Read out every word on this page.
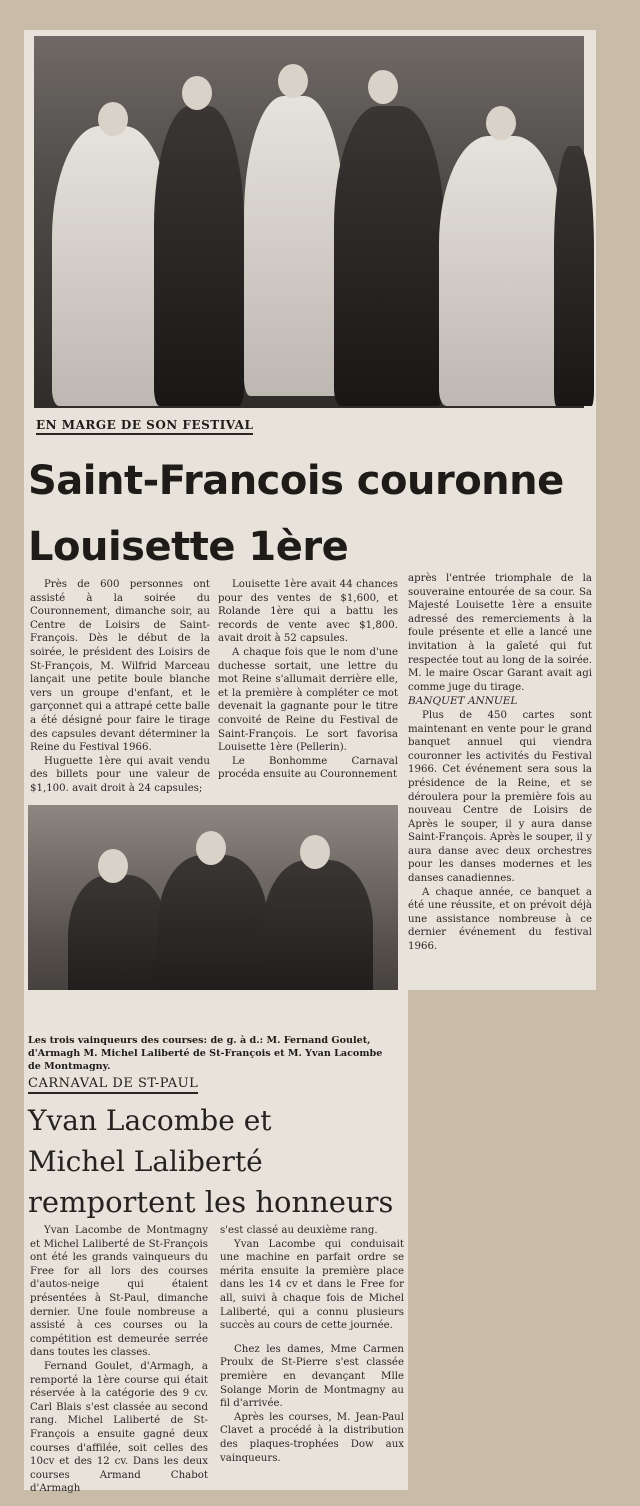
EN MARGE DE SON FESTIVAL
Saint-Francois couronne
Louisette 1ère

Près de 600 personnes ont assisté à la soirée du Couronnement, dimanche soir, au Centre de Loisirs de Saint-François. Dès le début de la soirée, le président des Loisirs de St-François, M. Wilfrid Marceau lançait une petite boule blanche vers un groupe d'enfant, et le garçonnet qui a attrapé cette balle a été désigné pour faire le tirage des capsules devant déterminer la Reine du Festival 1966.

Huguette 1ère qui avait vendu des billets pour une valeur de $1,100. avait droit à 24 capsules;

Louisette 1ère avait 44 chances pour des ventes de $1,600, et Rolande 1ère qui a battu les records de vente avec $1,800. avait droit à 52 capsules.

A chaque fois que le nom d'une duchesse sortait, une lettre du mot Reine s'allumait derrière elle, et la première à compléter ce mot devenait la gagnante pour le titre convoité de Reine du Festival de Saint-François. Le sort favorisa Louisette 1ère (Pellerin).

Le Bonhomme Carnaval procéda ensuite au Couronnement

après l'entrée triomphale de la souveraine entourée de sa cour. Sa Majesté Louisette 1ère a ensuite adressé des remerciements à la foule présente et elle a lancé une invitation à la gaîeté qui fut respectée tout au long de la soirée. M. le maire Oscar Garant avait agi comme juge du tirage.

BANQUET ANNUEL

Plus de 450 cartes sont maintenant en vente pour le grand banquet annuel qui viendra couronner les activités du Festival 1966. Cet événement sera sous la présidence de la Reine, et se déroulera pour la première fois au nouveau Centre de Loisirs de Après le souper, il y aura danse Saint-François. Après le souper, il y aura danse avec deux orchestres pour les danses modernes et les danses canadiennes.

A chaque année, ce banquet a été une réussite, et on prévoit déjà une assistance nombreuse à ce dernier événement du festival 1966.

Les trois vainqueurs des courses: de g. à d.: M. Fernand Goulet, d'Armagh M. Michel Laliberté de St-François et M. Yvan Lacombe de Montmagny.
CARNAVAL DE ST-PAUL
Yvan Lacombe et
Michel Laliberté
remportent les honneurs

Yvan Lacombe de Montmagny et Michel Laliberté de St-François ont été les grands vainqueurs du Free for all lors des courses d'autos-neige qui étaient présentées à St-Paul, dimanche dernier. Une foule nombreuse a assisté à ces courses ou la compétition est demeurée serrée dans toutes les classes.

Fernand Goulet, d'Armagh, a remporté la 1ère course qui était réservée à la catégorie des 9 cv. Carl Blais s'est classée au second rang. Michel Laliberté de St-François a ensuite gagné deux courses d'affilée, soit celles des 10cv et des 12 cv. Dans les deux courses Armand Chabot d'Armagh

s'est classé au deuxième rang.

Yvan Lacombe qui conduisait une machine en parfait ordre se mérita ensuite la première place dans les 14 cv et dans le Free for all, suivi à chaque fois de Michel Laliberté, qui a connu plusieurs succès au cours de cette journée.

Chez les dames, Mme Carmen Proulx de St-Pierre s'est classée première en devançant Mlle Solange Morin de Montmagny au fil d'arrivée.

Après les courses, M. Jean-Paul Clavet a procédé à la distribution des plaques-trophées Dow aux vainqueurs.
